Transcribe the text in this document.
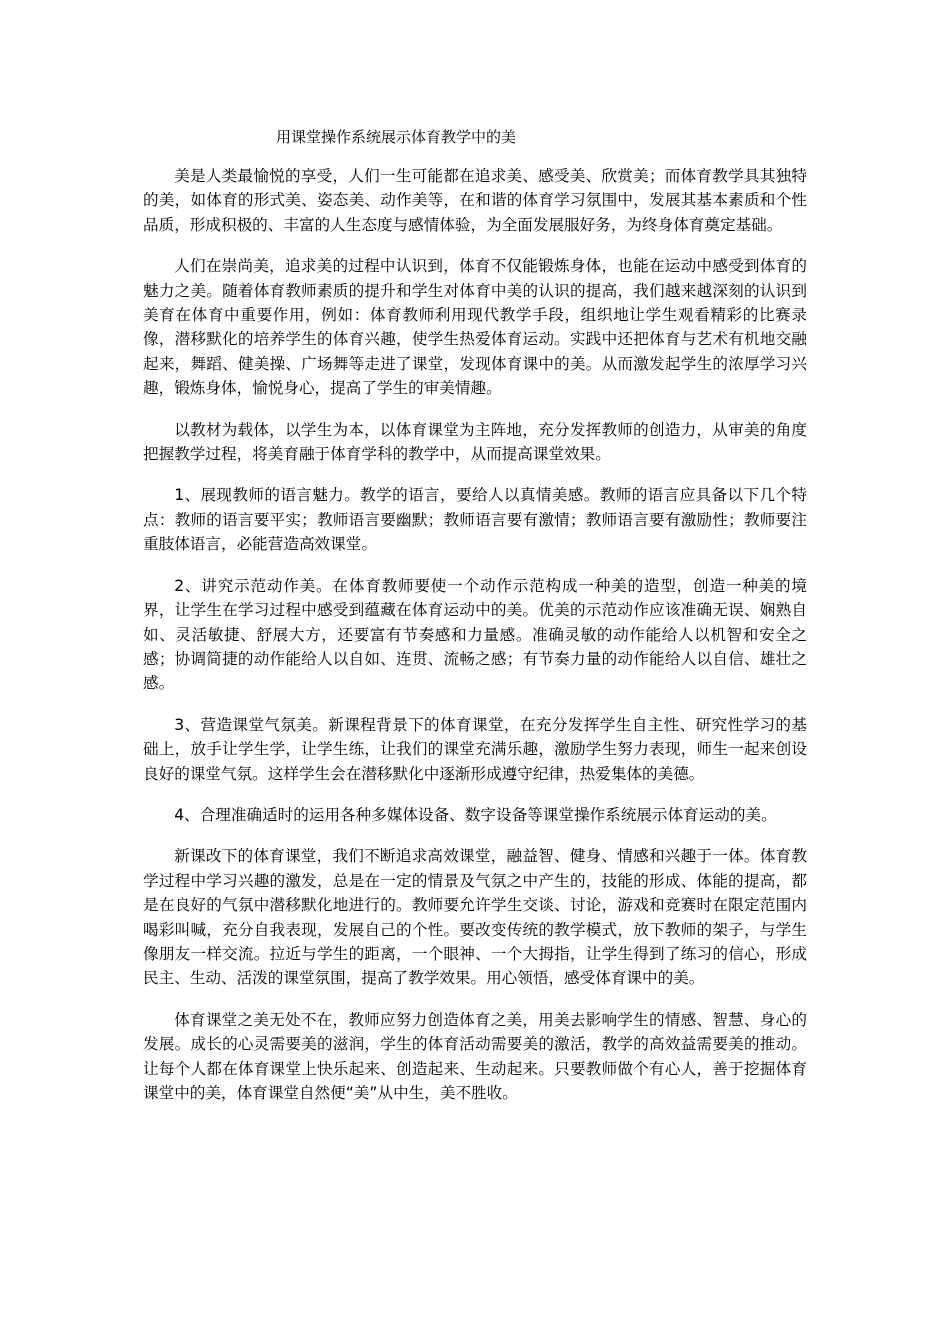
用课堂操作系统展示体育教学中的美

美是人类最愉悦的享受，人们一生可能都在追求美、感受美、欣赏美；而体育教学具其独特的美，如体育的形式美、姿态美、动作美等，在和谐的体育学习氛围中，发展其基本素质和个性品质，形成积极的、丰富的人生态度与感情体验，为全面发展服好务，为终身体育奠定基础。

人们在崇尚美，追求美的过程中认识到，体育不仅能锻炼身体，也能在运动中感受到体育的魅力之美。随着体育教师素质的提升和学生对体育中美的认识的提高，我们越来越深刻的认识到美育在体育中重要作用，例如：体育教师利用现代教学手段，组织地让学生观看精彩的比赛录像，潜移默化的培养学生的体育兴趣，使学生热爱体育运动。实践中还把体育与艺术有机地交融起来，舞蹈、健美操、广场舞等走进了课堂，发现体育课中的美。从而激发起学生的浓厚学习兴趣，锻炼身体，愉悦身心，提高了学生的审美情趣。

以教材为载体，以学生为本，以体育课堂为主阵地，充分发挥教师的创造力，从审美的角度把握教学过程，将美育融于体育学科的教学中，从而提高课堂效果。

1、展现教师的语言魅力。教学的语言，要给人以真情美感。教师的语言应具备以下几个特点：教师的语言要平实；教师语言要幽默；教师语言要有激情；教师语言要有激励性；教师要注重肢体语言，必能营造高效课堂。

2、讲究示范动作美。在体育教师要使一个动作示范构成一种美的造型，创造一种美的境界，让学生在学习过程中感受到蕴藏在体育运动中的美。优美的示范动作应该准确无误、娴熟自如、灵活敏捷、舒展大方，还要富有节奏感和力量感。准确灵敏的动作能给人以机智和安全之感；协调简捷的动作能给人以自如、连贯、流畅之感；有节奏力量的动作能给人以自信、雄壮之感。

3、营造课堂气氛美。新课程背景下的体育课堂，在充分发挥学生自主性、研究性学习的基础上，放手让学生学，让学生练，让我们的课堂充满乐趣，激励学生努力表现，师生一起来创设良好的课堂气氛。这样学生会在潜移默化中逐渐形成遵守纪律，热爱集体的美德。

4、合理准确适时的运用各种多媒体设备、数字设备等课堂操作系统展示体育运动的美。

新课改下的体育课堂，我们不断追求高效课堂，融益智、健身、情感和兴趣于一体。体育教学过程中学习兴趣的激发，总是在一定的情景及气氛之中产生的，技能的形成、体能的提高，都是在良好的气氛中潜移默化地进行的。教师要允许学生交谈、讨论，游戏和竞赛时在限定范围内喝彩叫喊，充分自我表现，发展自己的个性。要改变传统的教学模式，放下教师的架子，与学生像朋友一样交流。拉近与学生的距离，一个眼神、一个大拇指，让学生得到了练习的信心，形成民主、生动、活泼的课堂氛围，提高了教学效果。用心领悟，感受体育课中的美。

体育课堂之美无处不在，教师应努力创造体育之美，用美去影响学生的情感、智慧、身心的发展。成长的心灵需要美的滋润，学生的体育活动需要美的激活，教学的高效益需要美的推动。让每个人都在体育课堂上快乐起来、创造起来、生动起来。只要教师做个有心人，善于挖掘体育课堂中的美，体育课堂自然便“美”从中生，美不胜收。
